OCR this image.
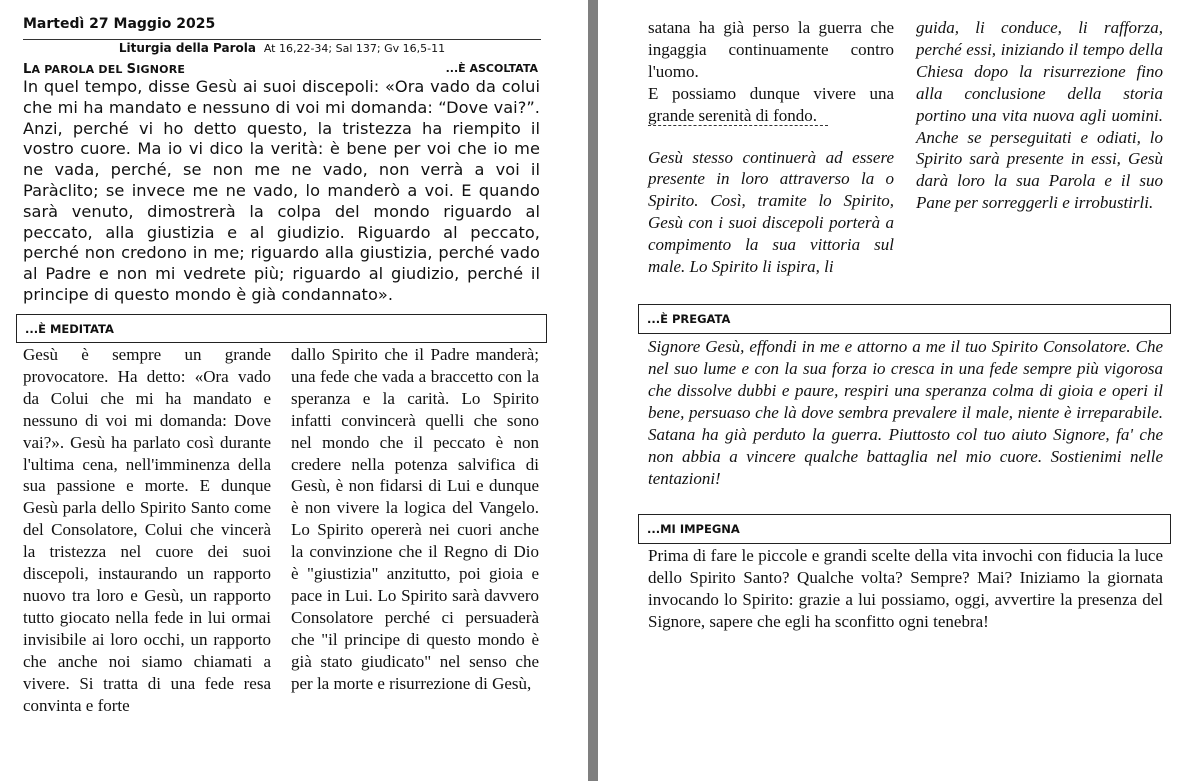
Martedì 27 Maggio 2025
Liturgia della Parola At 16,22-34; Sal 137; Gv 16,5-11
LA PAROLA DEL SIGNORE	...È ASCOLTATA
In quel tempo, disse Gesù ai suoi discepoli: «Ora vado da colui che mi ha mandato e nessuno di voi mi domanda: “Dove vai?”. Anzi, perché vi ho detto questo, la tristezza ha riempito il vostro cuore. Ma io vi dico la verità: è bene per voi che io me ne vada, perché, se non me ne vado, non verrà a voi il Paràclito; se invece me ne vado, lo manderò a voi. E quando sarà venuto, dimostrerà la colpa del mondo riguardo al peccato, alla giustizia e al giudizio. Riguardo al peccato, perché non credono in me; riguardo alla giustizia, perché vado al Padre e non mi vedrete più; riguardo al giudizio, perché il principe di questo mondo è già condannato».
...È MEDITATA
Gesù è sempre un grande provocatore. Ha detto: «Ora vado da Colui che mi ha mandato e nessuno di voi mi domanda: Dove vai?». Gesù ha parlato così durante l'ultima cena, nell'imminenza della sua passione e morte. E dunque Gesù parla dello Spirito Santo come del Consolatore, Colui che vincerà la tristezza nel cuore dei suoi discepoli, instaurando un rapporto nuovo tra loro e Gesù, un rapporto tutto giocato nella fede in lui ormai invisibile ai loro occhi, un rapporto che anche noi siamo chiamati a vivere. Si tratta di una fede resa convinta e forte
dallo Spirito che il Padre manderà; una fede che vada a braccetto con la speranza e la carità. Lo Spirito infatti convincerà quelli che sono nel mondo che il peccato è non credere nella potenza salvifica di Gesù, è non fidarsi di Lui e dunque è non vivere la logica del Vangelo. Lo Spirito opererà nei cuori anche la convinzione che il Regno di Dio è "giustizia" anzitutto, poi gioia e pace in Lui. Lo Spirito sarà davvero Consolatore perché ci persuaderà che "il principe di questo mondo è già stato giudicato" nel senso che per la morte e risurrezione di Gesù,
satana ha già perso la guerra che ingaggia continuamente contro l'uomo.
E possiamo dunque vivere una grande serenità di fondo.
Gesù stesso continuerà ad essere presente in loro attraverso la o Spirito. Così, tramite lo Spirito, Gesù con i suoi discepoli porterà a compimento la sua vittoria sul male. Lo Spirito li ispira, li
guida, li conduce, li rafforza, perché essi, iniziando il tempo della Chiesa dopo la risurrezione fino alla conclusione della storia portino una vita nuova agli uomini. Anche se perseguitati e odiati, lo Spirito sarà presente in essi, Gesù darà loro la sua Parola e il suo Pane per sorreggerli e irrobustirli.
...È PREGATA
Signore Gesù, effondi in me e attorno a me il tuo Spirito Consolatore. Che nel suo lume e con la sua forza io cresca in una fede sempre più vigorosa che dissolve dubbi e paure, respiri una speranza colma di gioia e operi il bene, persuaso che là dove sembra prevalere il male, niente è irreparabile. Satana ha già perduto la guerra. Piuttosto col tuo aiuto Signore, fa' che non abbia a vincere qualche battaglia nel mio cuore. Sostienimi nelle tentazioni!
...MI IMPEGNA
Prima di fare le piccole e grandi scelte della vita invochi con fiducia la luce dello Spirito Santo? Qualche volta? Sempre? Mai? Iniziamo la giornata invocando lo Spirito: grazie a lui possiamo, oggi, avvertire la presenza del Signore, sapere che egli ha sconfitto ogni tenebra!
